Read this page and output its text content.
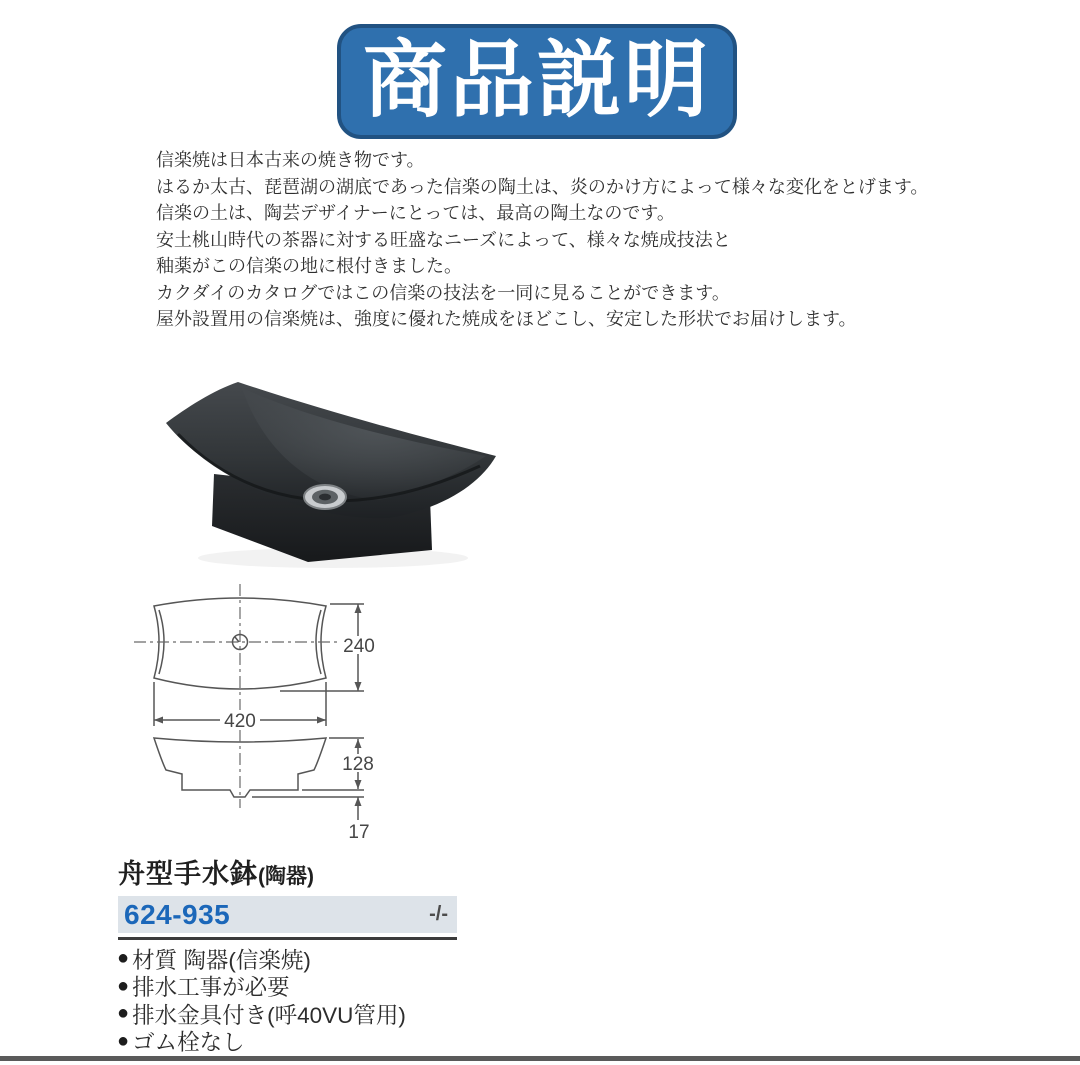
商品説明
信楽焼は日本古来の焼き物です。
はるか太古、琵琶湖の湖底であった信楽の陶土は、炎のかけ方によって様々な変化をとげます。
信楽の土は、陶芸デザイナーにとっては、最高の陶土なのです。
安土桃山時代の茶器に対する旺盛なニーズによって、様々な焼成技法と
釉薬がこの信楽の地に根付きました。
カクダイのカタログではこの信楽の技法を一同に見ることができます。
屋外設置用の信楽焼は、強度に優れた焼成をほどこし、安定した形状でお届けします。
240
420
128
17
舟型手水鉢(陶器)
624-935	-/-
● 材質 陶器(信楽焼)
● 排水工事が必要
● 排水金具付き(呼40VU管用)
● ゴム栓なし
